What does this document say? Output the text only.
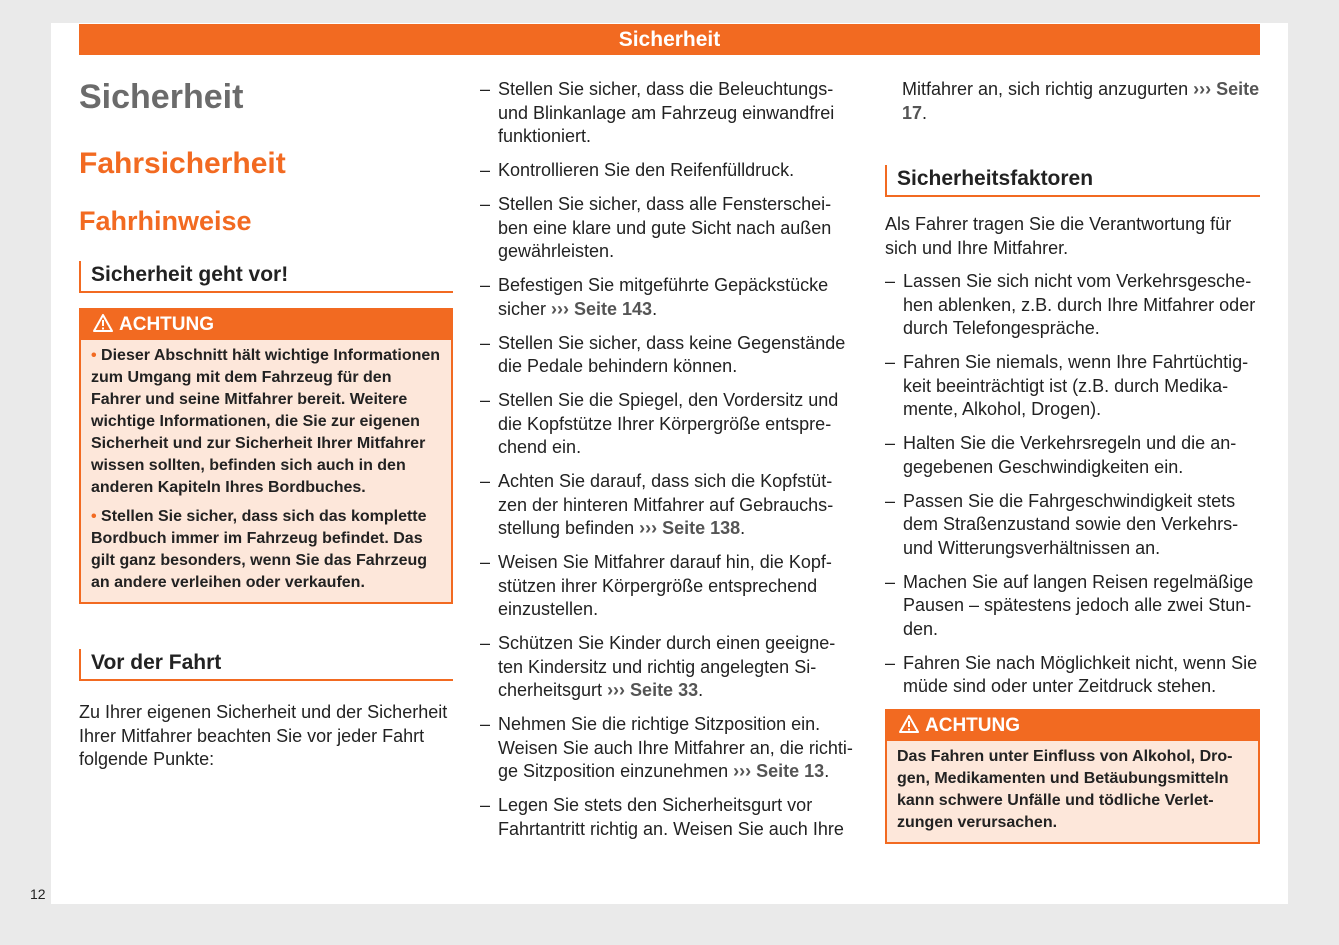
Sicherheit
Sicherheit
Fahrsicherheit
Fahrhinweise
Sicherheit geht vor!
ACHTUNG

• Dieser Abschnitt hält wichtige Informationen zum Umgang mit dem Fahrzeug für den Fahrer und seine Mitfahrer bereit. Weitere wichtige Informationen, die Sie zur eigenen Sicherheit und zur Sicherheit Ihrer Mitfahrer wissen sollten, befinden sich auch in den anderen Kapiteln Ihres Bordbuches.

• Stellen Sie sicher, dass sich das komplette Bordbuch immer im Fahrzeug befindet. Das gilt ganz besonders, wenn Sie das Fahrzeug an andere verleihen oder verkaufen.

Vor der Fahrt
Zu Ihrer eigenen Sicherheit und der Sicherheit Ihrer Mitfahrer beachten Sie vor jeder Fahrt folgende Punkte:
– Stellen Sie sicher, dass die Beleuchtungs- und Blinkanlage am Fahrzeug einwandfrei funktioniert.
– Kontrollieren Sie den Reifenfülldruck.
– Stellen Sie sicher, dass alle Fensterscheiben eine klare und gute Sicht nach außen gewährleisten.
– Befestigen Sie mitgeführte Gepäckstücke sicher ››› Seite 143.
– Stellen Sie sicher, dass keine Gegenstände die Pedale behindern können.
– Stellen Sie die Spiegel, den Vordersitz und die Kopfstütze Ihrer Körpergröße entsprechend ein.
– Achten Sie darauf, dass sich die Kopfstützen der hinteren Mitfahrer auf Gebrauchsstellung befinden ››› Seite 138.
– Weisen Sie Mitfahrer darauf hin, die Kopfstützen ihrer Körpergröße entsprechend einzustellen.
– Schützen Sie Kinder durch einen geeigneten Kindersitz und richtig angelegten Sicherheitsgurt ››› Seite 33.
– Nehmen Sie die richtige Sitzposition ein. Weisen Sie auch Ihre Mitfahrer an, die richtige Sitzposition einzunehmen ››› Seite 13.
– Legen Sie stets den Sicherheitsgurt vor Fahrtantritt richtig an. Weisen Sie auch Ihre
Mitfahrer an, sich richtig anzugurten ››› Seite 17.
Sicherheitsfaktoren
Als Fahrer tragen Sie die Verantwortung für sich und Ihre Mitfahrer.
– Lassen Sie sich nicht vom Verkehrsgeschehen ablenken, z.B. durch Ihre Mitfahrer oder durch Telefongespräche.
– Fahren Sie niemals, wenn Ihre Fahrtüchtigkeit beeinträchtigt ist (z.B. durch Medikamente, Alkohol, Drogen).
– Halten Sie die Verkehrsregeln und die angegebenen Geschwindigkeiten ein.
– Passen Sie die Fahrgeschwindigkeit stets dem Straßenzustand sowie den Verkehrs- und Witterungsverhältnissen an.
– Machen Sie auf langen Reisen regelmäßige Pausen – spätestens jedoch alle zwei Stunden.
– Fahren Sie nach Möglichkeit nicht, wenn Sie müde sind oder unter Zeitdruck stehen.
ACHTUNG
Das Fahren unter Einfluss von Alkohol, Drogen, Medikamenten und Betäubungsmitteln kann schwere Unfälle und tödliche Verletzungen verursachen.
12
